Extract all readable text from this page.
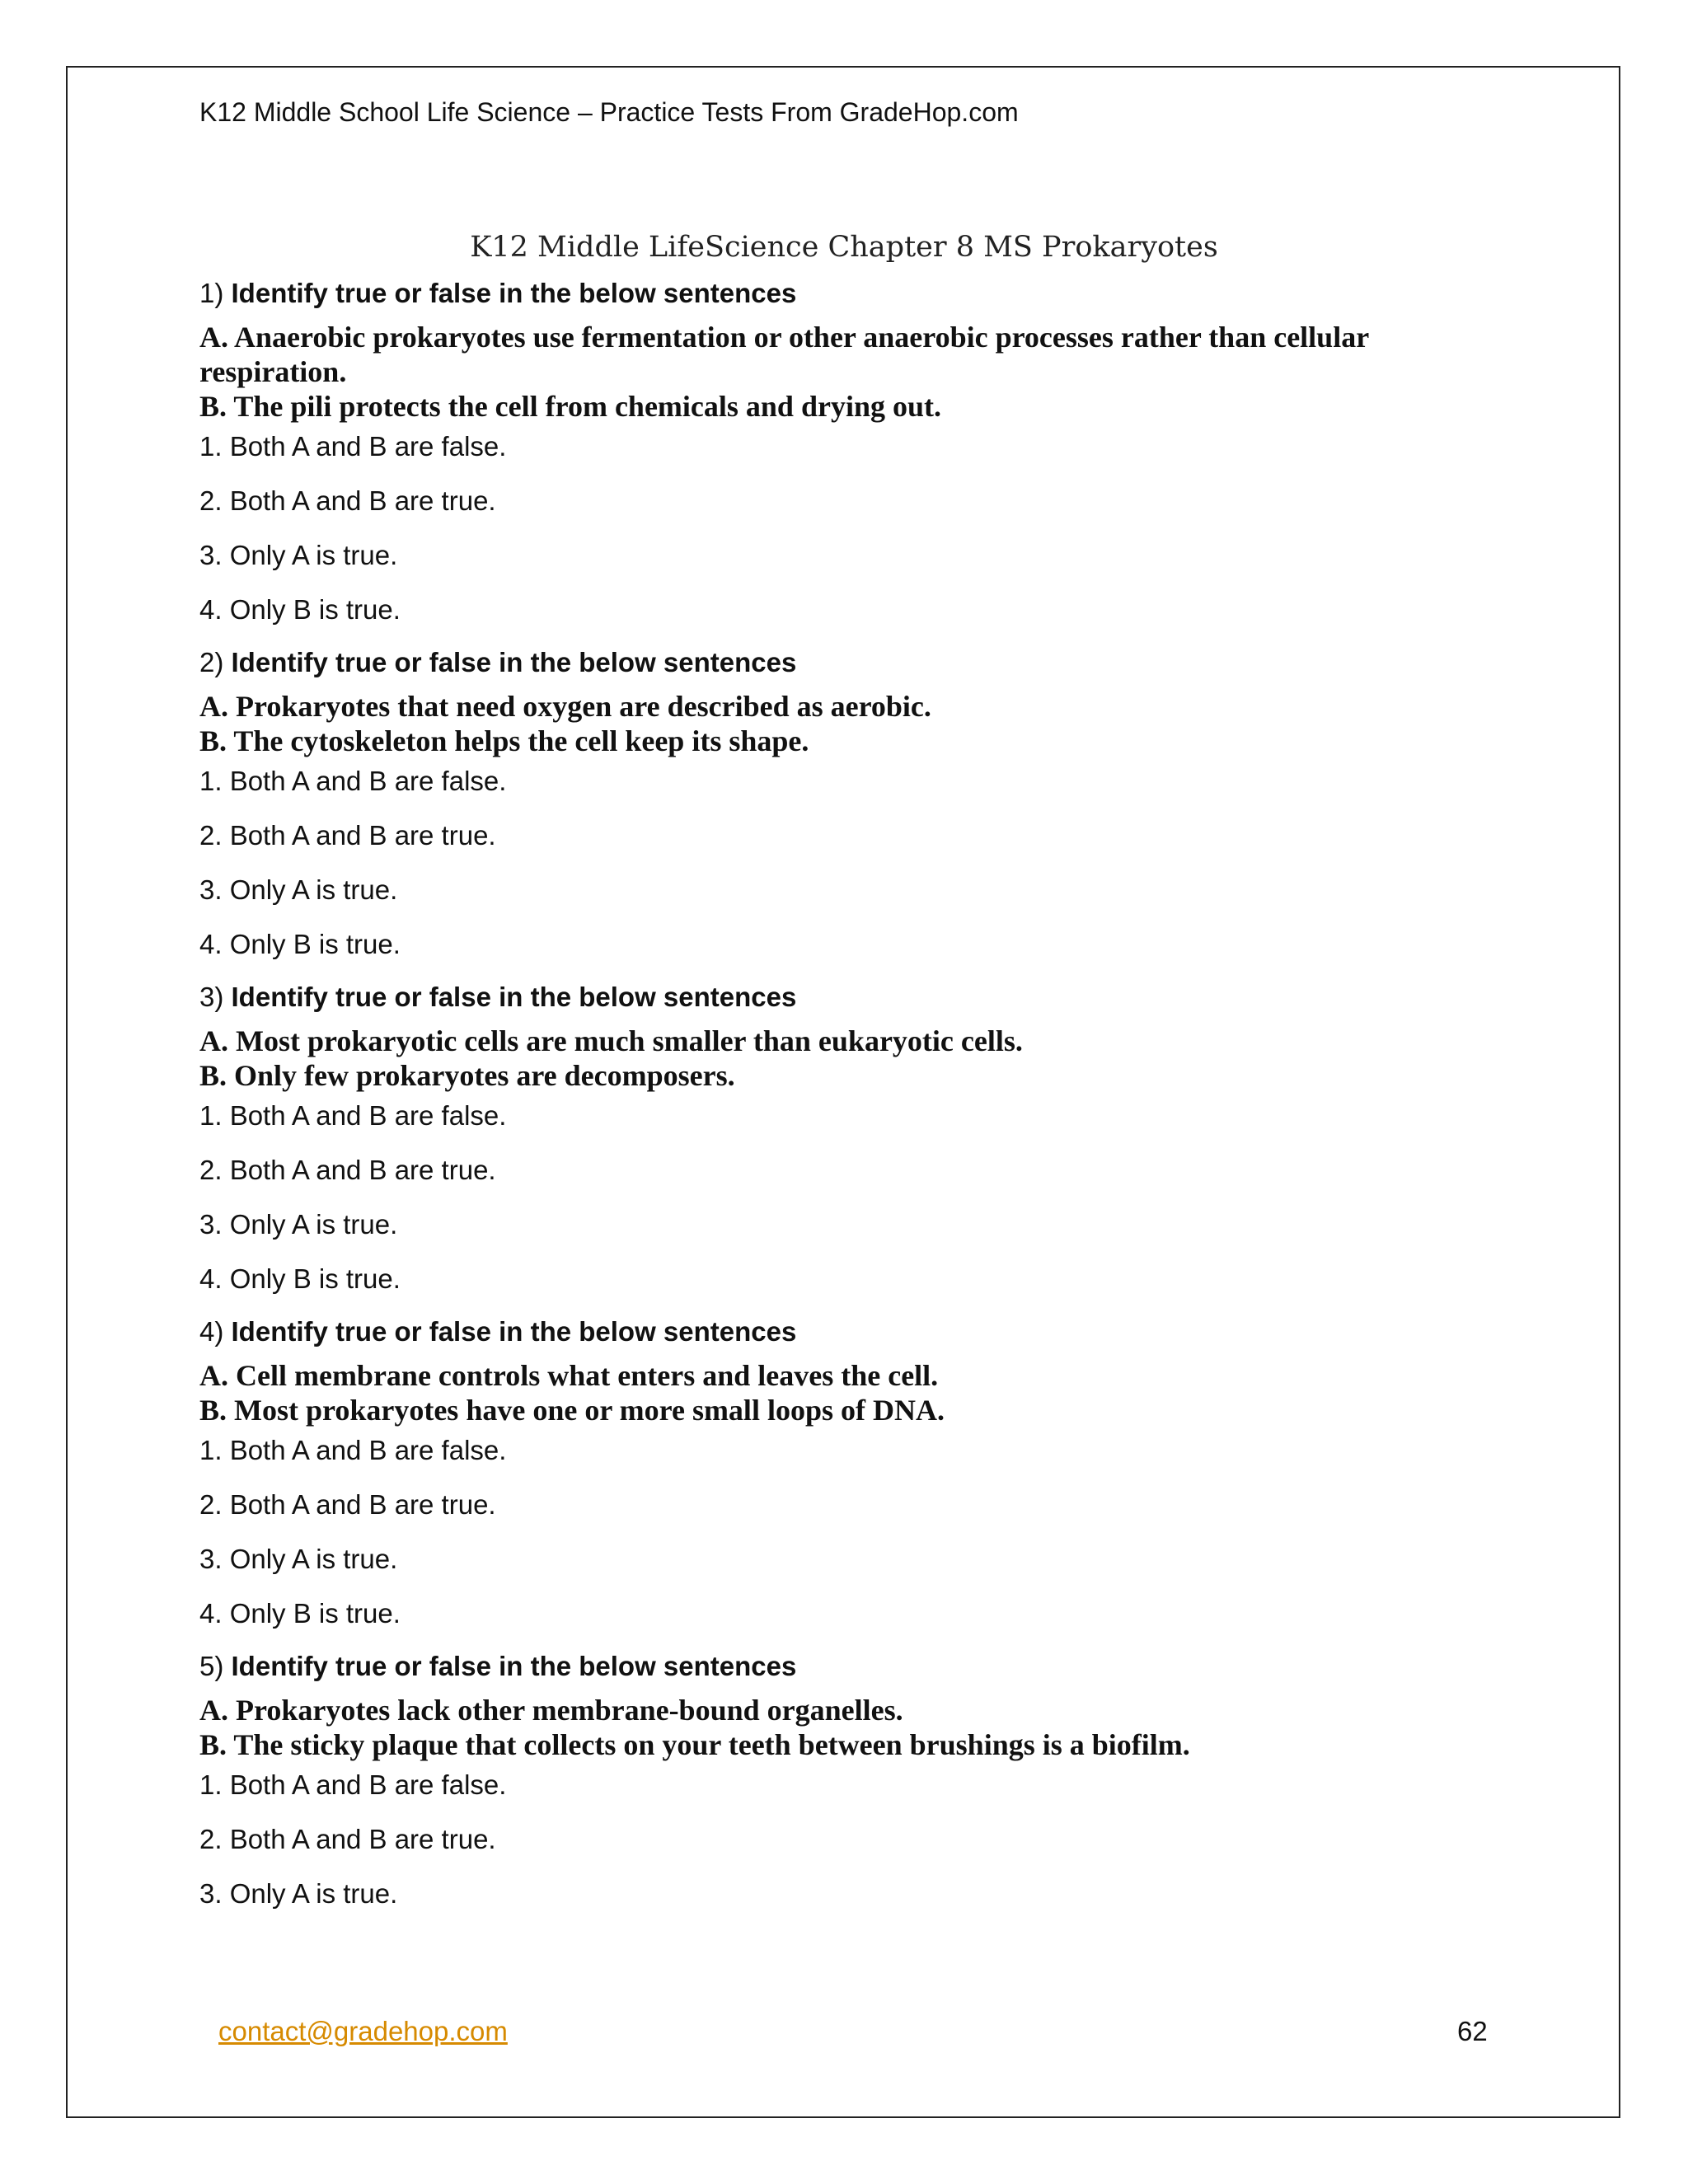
K12 Middle School Life Science – Practice Tests From GradeHop.com
K12 Middle LifeScience Chapter 8 MS Prokaryotes
1) Identify true or false in the below sentences
A. Anaerobic prokaryotes use fermentation or other anaerobic processes rather than cellular respiration.
B. The pili protects the cell from chemicals and drying out.
1. Both A and B are false.
2. Both A and B are true.
3. Only A is true.
4. Only B is true.
2) Identify true or false in the below sentences
A. Prokaryotes that need oxygen are described as aerobic.
B. The cytoskeleton helps the cell keep its shape.
1. Both A and B are false.
2. Both A and B are true.
3. Only A is true.
4. Only B is true.
3) Identify true or false in the below sentences
A. Most prokaryotic cells are much smaller than eukaryotic cells.
B. Only few prokaryotes are decomposers.
1. Both A and B are false.
2. Both A and B are true.
3. Only A is true.
4. Only B is true.
4) Identify true or false in the below sentences
A. Cell membrane controls what enters and leaves the cell.
B. Most prokaryotes have one or more small loops of DNA.
1. Both A and B are false.
2. Both A and B are true.
3. Only A is true.
4. Only B is true.
5) Identify true or false in the below sentences
A. Prokaryotes lack other membrane-bound organelles.
B. The sticky plaque that collects on your teeth between brushings is a biofilm.
1. Both A and B are false.
2. Both A and B are true.
3. Only A is true.
contact@gradehop.com	62
